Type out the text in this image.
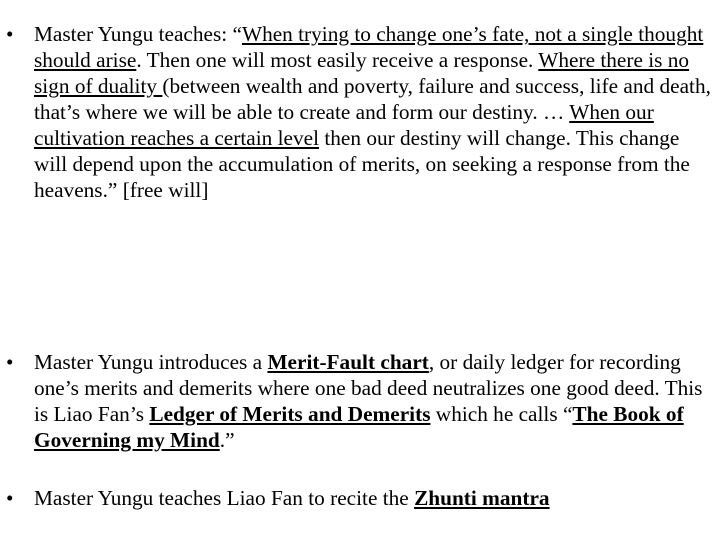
• Master Yungu teaches: “When trying to change one’s fate, not a single thought should arise. Then one will most easily receive a response. Where there is no sign of duality (between wealth and poverty, failure and success, life and death, that’s where we will be able to create and form our destiny. … When our cultivation reaches a certain level then our destiny will change. This change will depend upon the accumulation of merits, on seeking a response from the heavens.” [free will]
• Master Yungu introduces a Merit-Fault chart, or daily ledger for recording one’s merits and demerits where one bad deed neutralizes one good deed. This is Liao Fan’s Ledger of Merits and Demerits which he calls “The Book of Governing my Mind.”
• Master Yungu teaches Liao Fan to recite the Zhunti mantra
